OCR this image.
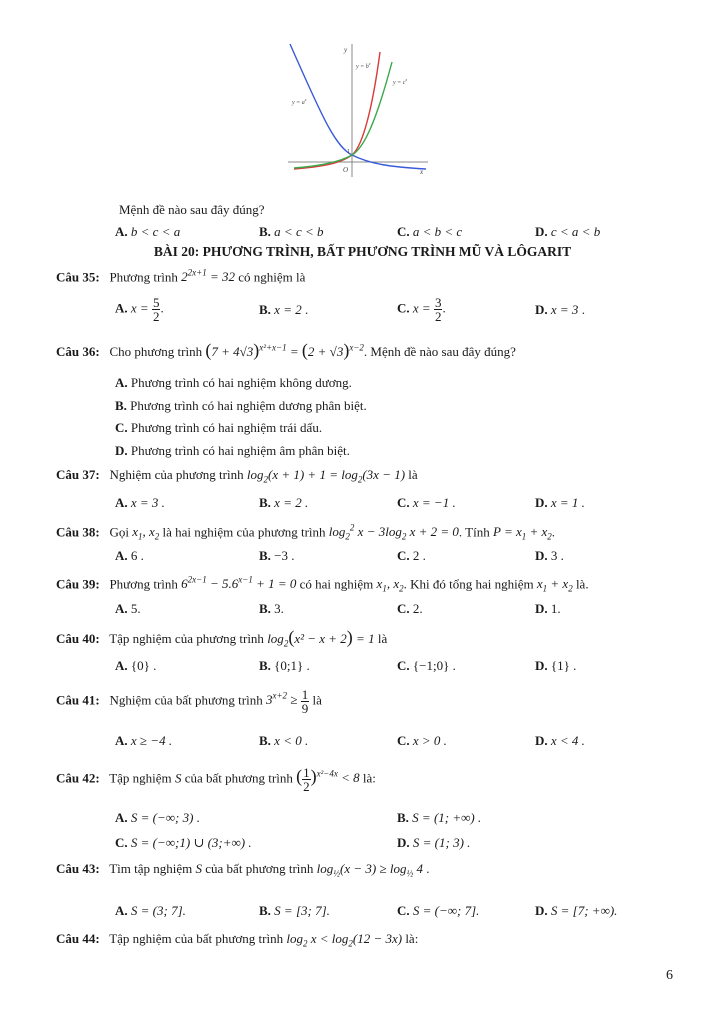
y
x
O
1
$y = a^x$
$y = b^x$
$y = c^x$
Mệnh đề nào sau đây đúng?
A. b < c < a	B. a < c < b	C. a < b < c	D. c < a < b
BÀI 20: PHƯƠNG TRÌNH, BẤT PHƯƠNG TRÌNH MŨ VÀ LÔGARIT
Câu 35: Phương trình $2^{2x+1} = 32$ có nghiệm là
A. $x = \frac{5}{2}$ .	B. x = 2 .	C. $x = \frac{3}{2}$ .	D. x = 3 .
Câu 36: Cho phương trình $(7 + 4√3)^{x^2+x-1} = (2 + √3)^{x-2}$. Mệnh đề nào sau đây đúng?
A. Phương trình có hai nghiệm không dương.
B. Phương trình có hai nghiệm dương phân biệt.
C. Phương trình có hai nghiệm trái dấu.
D. Phương trình có hai nghiệm âm phân biệt.
Câu 37: Nghiệm của phương trình $\log_2(x + 1) + 1 = \log_2(3x - 1)$ là
A. x = 3 .	B. x = 2 .	C. x = −1 .	D. x = 1 .
Câu 38: Gọi $x_1$, $x_2$ là hai nghiệm của phương trình $\log_2^2 x - 3\log_2$ x + 2 = 0. Tính $P = x_1 + x_2$.
A. 6 .	B. −3 .	C. 2 .	D. 3 .
Câu 39: Phương trình $6^{2x-1} - 5.6^{x-1} + 1 = 0$ có hai nghiệm $x_1$, $x_2$. Khi đó tổng hai nghiệm $x_1 + x_2$ là.
A. 5.	B. 3.	C. 2.	D. 1.
Câu 40: Tập nghiệm của phương trình $\log_2(x^2 - x + 2) = 1$ là
A. {0} .	B. {0;1} .	C. {−1;0} .	D. {1} .
Câu 41: Nghiệm của bất phương trình $3^{x+2} \ge \frac{1}{9}$ là
A. x ≥ −4 .	B. x < 0 .	C. x > 0 .	D. x < 4 .
Câu 42: Tập nghiệm S của bất phương trình ( $\frac{1}{2} )^{x^2-4x} < 8$ là:
A. S = (−∞; 3) .	B. S = (1; +∞) .
C. S = (−∞;1) ∪ (3;+∞) .	D. S = (1; 3) .
Câu 43: Tìm tập nghiệm S của bất phương trình $\log_{\frac{1}{2}}(x - 3) \ge \log_{\frac{1}{2}} 4$ .
A. S = (3; 7].	B. S = [3; 7].	C. S = (−∞; 7].	D. S = [7; +∞).
Câu 44: Tập nghiệm của bất phương trình $\log_2 x < \log_2(12 - 3x)$ là:
6
